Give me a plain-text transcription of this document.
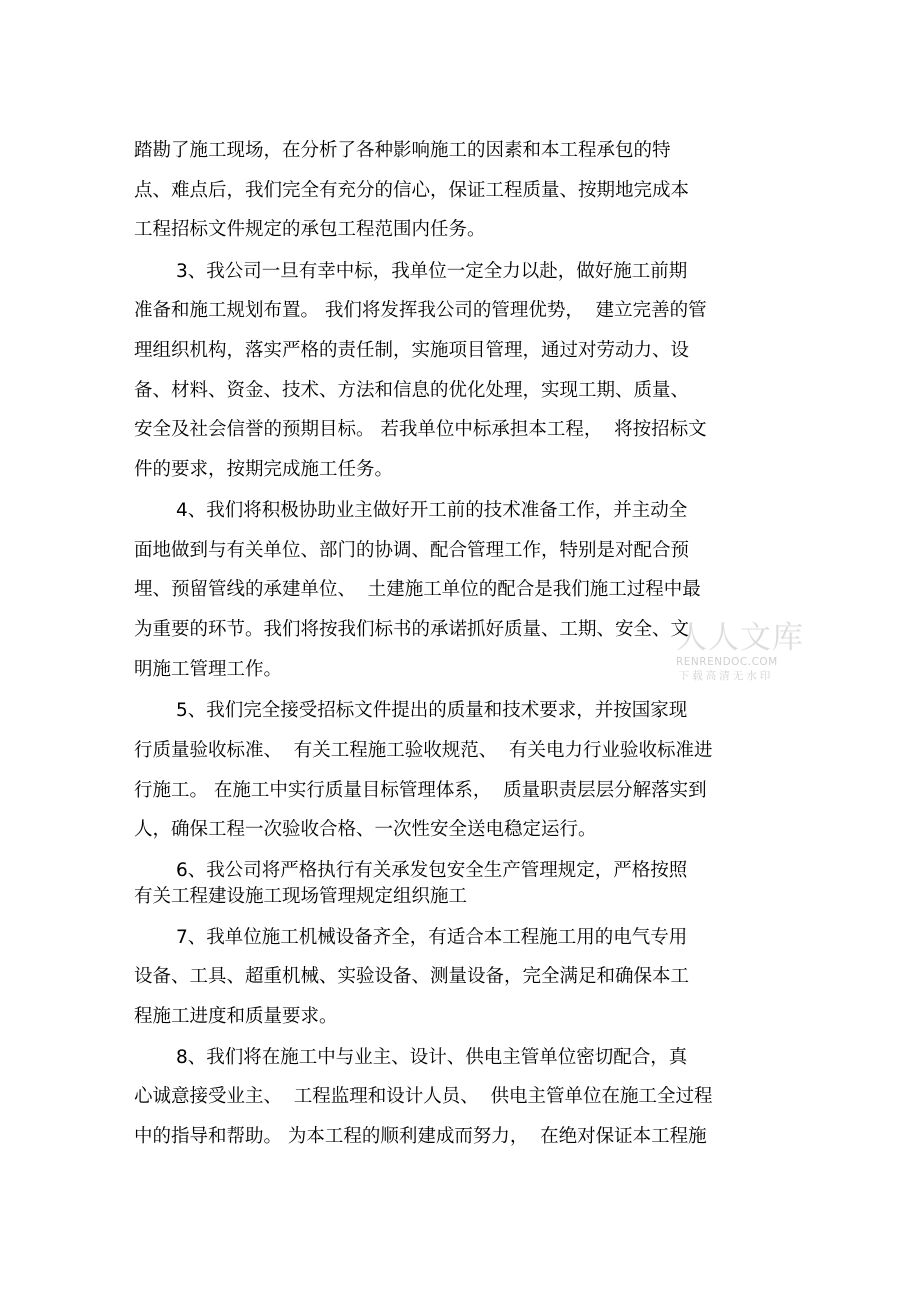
踏勘了施工现场，在分析了各种影响施工的因素和本工程承包的特

点、难点后，我们完全有充分的信心，保证工程质量、按期地完成本

工程招标文件规定的承包工程范围内任务。

3、我公司一旦有幸中标，我单位一定全力以赴，做好施工前期

准备和施工规划布置。 我们将发挥我公司的管理优势，  建立完善的管

理组织机构，落实严格的责任制，实施项目管理，通过对劳动力、设

备、材料、资金、技术、方法和信息的优化处理，实现工期、质量、

安全及社会信誉的预期目标。 若我单位中标承担本工程，  将按招标文

件的要求，按期完成施工任务。

4、我们将积极协助业主做好开工前的技术准备工作，并主动全

面地做到与有关单位、部门的协调、配合管理工作，特别是对配合预

埋、预留管线的承建单位、  土建施工单位的配合是我们施工过程中最

为重要的环节。我们将按我们标书的承诺抓好质量、工期、安全、文

明施工管理工作。

5、我们完全接受招标文件提出的质量和技术要求，并按国家现

行质量验收标准、  有关工程施工验收规范、  有关电力行业验收标准进

行施工。 在施工中实行质量目标管理体系，  质量职责层层分解落实到

人，确保工程一次验收合格、一次性安全送电稳定运行。

6、我公司将严格执行有关承发包安全生产管理规定，严格按照

有关工程建设施工现场管理规定组织施工

7、我单位施工机械设备齐全，有适合本工程施工用的电气专用

设备、工具、超重机械、实验设备、测量设备，完全满足和确保本工

程施工进度和质量要求。

8、我们将在施工中与业主、设计、供电主管单位密切配合，真

心诚意接受业主、  工程监理和设计人员、  供电主管单位在施工全过程

中的指导和帮助。 为本工程的顺利建成而努力，  在绝对保证本工程施

人人文库
RENRENDOC.COM
下载高清无水印
